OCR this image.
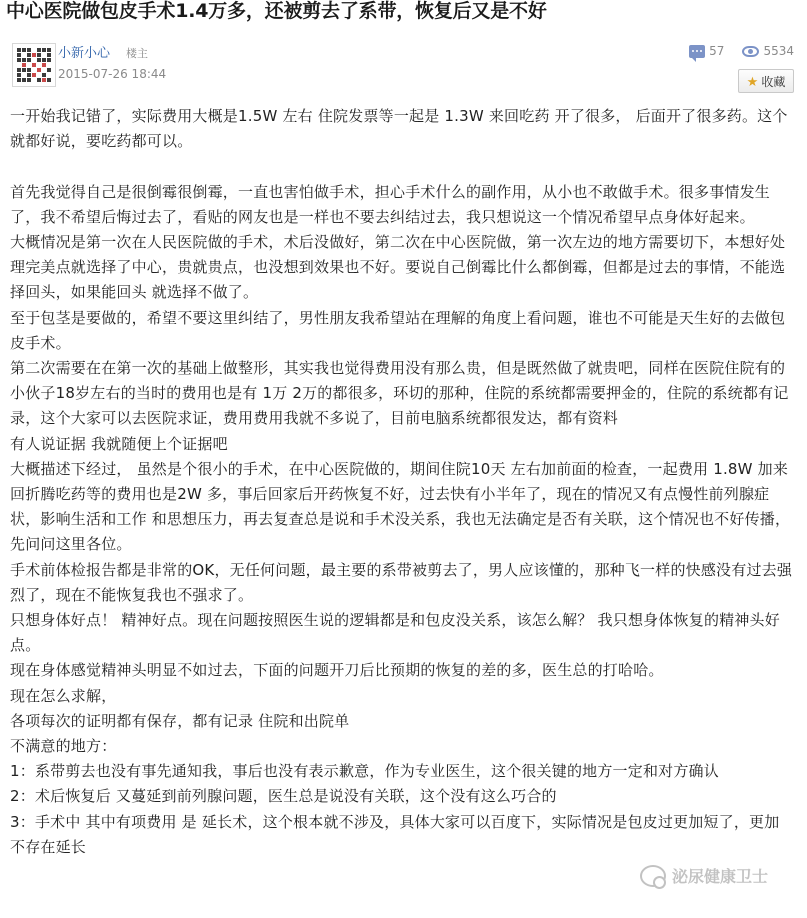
中心医院做包皮手术1.4万多，还被剪去了系带，恢复后又是不好
小新小心 楼主
2015-07-26 18:44
57	5534
★ 收藏

一开始我记错了，实际费用大概是1.5W 左右 住院发票等一起是 1.3W 来回吃药 开了很多， 后面开了很多药。这个就都好说，要吃药都可以。

首先我觉得自己是很倒霉很倒霉，一直也害怕做手术，担心手术什么的副作用，从小也不敢做手术。很多事情发生了，我不希望后悔过去了，看贴的网友也是一样也不要去纠结过去，我只想说这一个情况希望早点身体好起来。

大概情况是第一次在人民医院做的手术，术后没做好，第二次在中心医院做，第一次左边的地方需要切下，本想好处理完美点就选择了中心，贵就贵点，也没想到效果也不好。要说自己倒霉比什么都倒霉，但都是过去的事情，不能选择回头，如果能回头 就选择不做了。

至于包茎是要做的，希望不要这里纠结了，男性朋友我希望站在理解的角度上看问题，谁也不可能是天生好的去做包皮手术。

第二次需要在在第一次的基础上做整形，其实我也觉得费用没有那么贵，但是既然做了就贵吧，同样在医院住院有的小伙子18岁左右的当时的费用也是有 1万 2万的都很多，环切的那种，住院的系统都需要押金的，住院的系统都有记录，这个大家可以去医院求证，费用费用我就不多说了，目前电脑系统都很发达，都有资料

有人说证据 我就随便上个证据吧

大概描述下经过， 虽然是个很小的手术，在中心医院做的，期间住院10天 左右加前面的检查，一起费用 1.8W 加来回折腾吃药等的费用也是2W 多，事后回家后开药恢复不好，过去快有小半年了，现在的情况又有点慢性前列腺症状，影响生活和工作 和思想压力，再去复查总是说和手术没关系，我也无法确定是否有关联，这个情况也不好传播，先问问这里各位。

手术前体检报告都是非常的OK，无任何问题，最主要的系带被剪去了，男人应该懂的，那种飞一样的快感没有过去强烈了，现在不能恢复我也不强求了。

只想身体好点！ 精神好点。现在问题按照医生说的逻辑都是和包皮没关系，该怎么解？ 我只想身体恢复的精神头好点。

现在身体感觉精神头明显不如过去，下面的问题开刀后比预期的恢复的差的多，医生总的打哈哈。

现在怎么求解，

各项每次的证明都有保存，都有记录 住院和出院单

不满意的地方：

1：系带剪去也没有事先通知我，事后也没有表示歉意，作为专业医生，这个很关键的地方一定和对方确认

2：术后恢复后 又蔓延到前列腺问题，医生总是说没有关联，这个没有这么巧合的

3：手术中 其中有项费用 是 延长术，这个根本就不涉及，具体大家可以百度下，实际情况是包皮过更加短了，更加不存在延长

泌尿健康卫士
